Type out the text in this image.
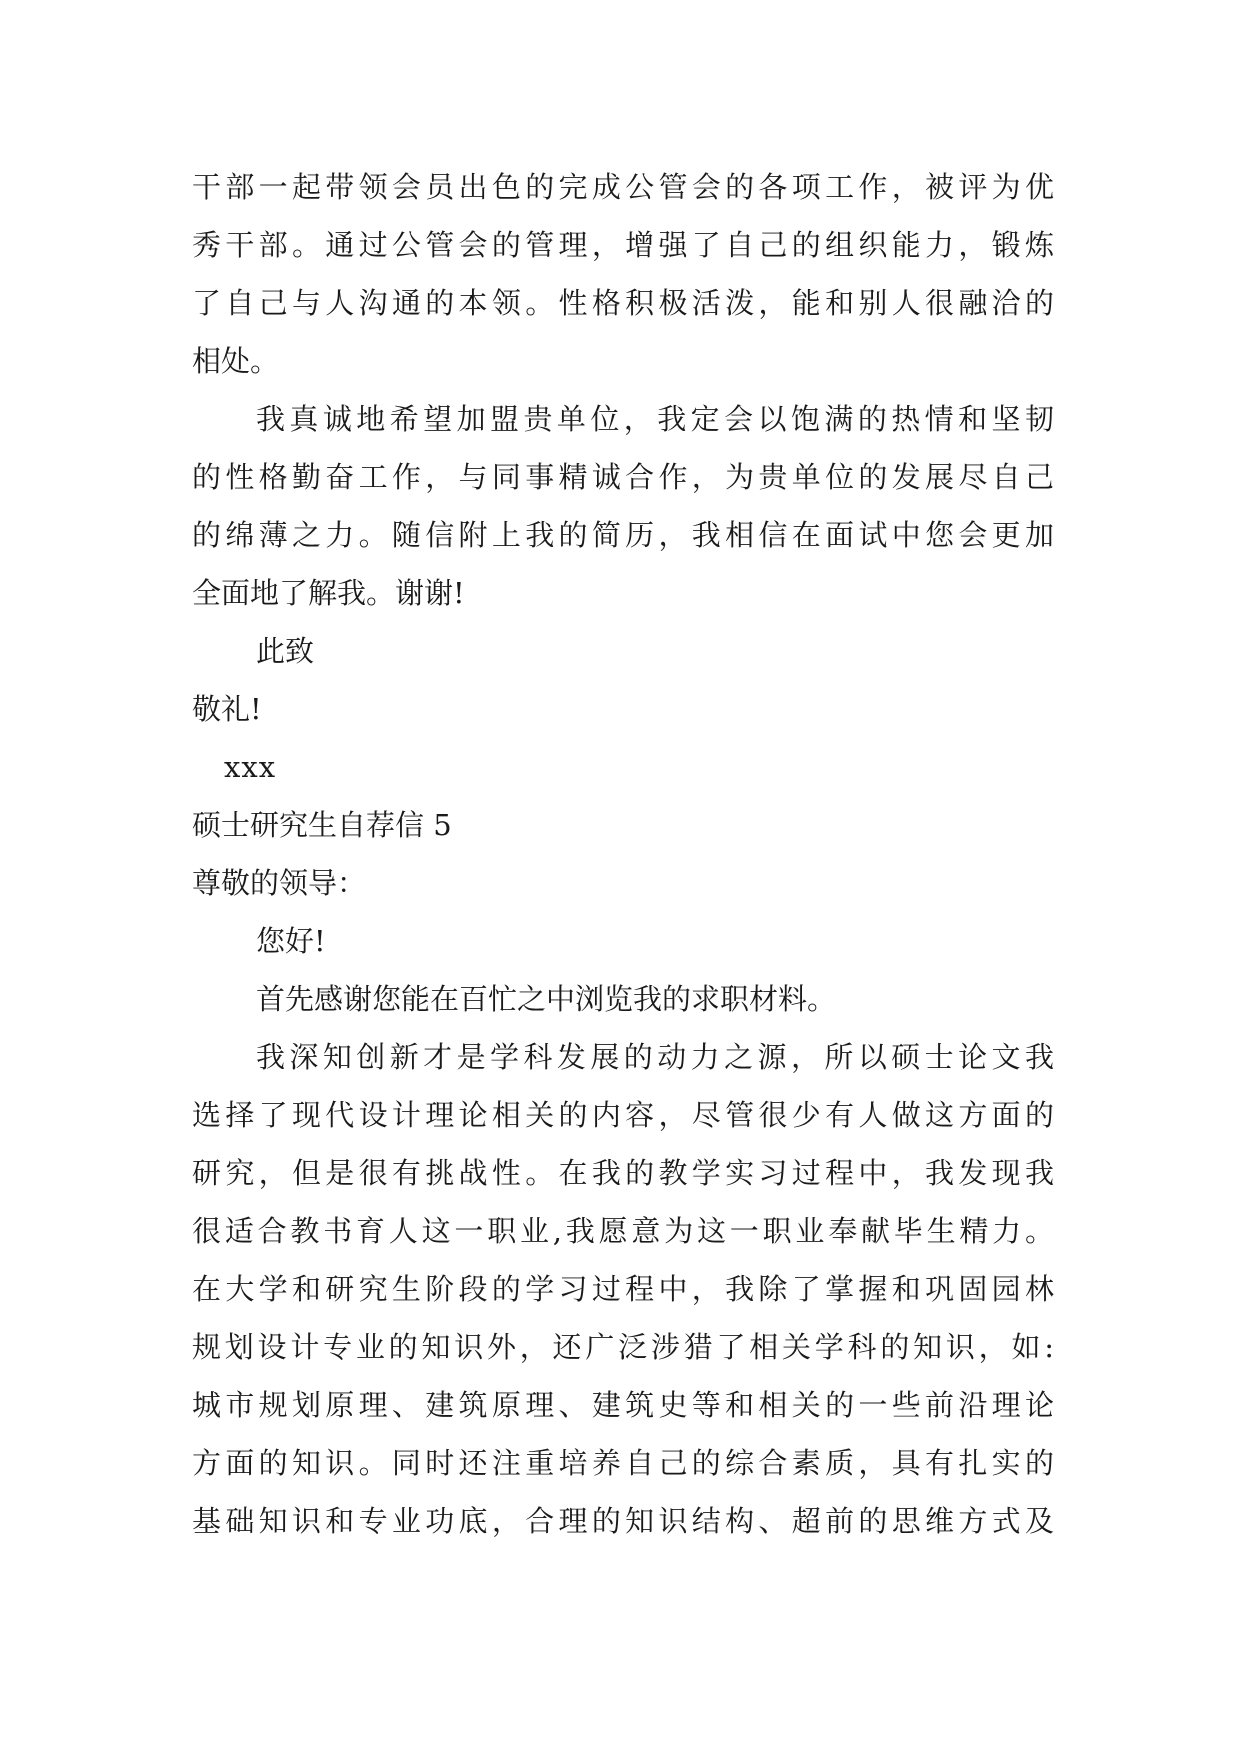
干部一起带领会员出色的完成公管会的各项工作，被评为优
秀干部。通过公管会的管理，增强了自己的组织能力，锻炼
了自己与人沟通的本领。性格积极活泼，能和别人很融洽的
相处。
我真诚地希望加盟贵单位，我定会以饱满的热情和坚韧
的性格勤奋工作，与同事精诚合作，为贵单位的发展尽自己
的绵薄之力。随信附上我的简历，我相信在面试中您会更加
全面地了解我。谢谢!
此致
敬礼!
xxx
硕士研究生自荐信 5
尊敬的领导：
您好!
首先感谢您能在百忙之中浏览我的求职材料。
我深知创新才是学科发展的动力之源，所以硕士论文我
选择了现代设计理论相关的内容，尽管很少有人做这方面的
研究，但是很有挑战性。在我的教学实习过程中，我发现我
很适合教书育人这一职业,我愿意为这一职业奉献毕生精力。
在大学和研究生阶段的学习过程中，我除了掌握和巩固园林
规划设计专业的知识外，还广泛涉猎了相关学科的知识，如:
城市规划原理、建筑原理、建筑史等和相关的一些前沿理论
方面的知识。同时还注重培养自己的综合素质，具有扎实的
基础知识和专业功底，合理的知识结构、超前的思维方式及
